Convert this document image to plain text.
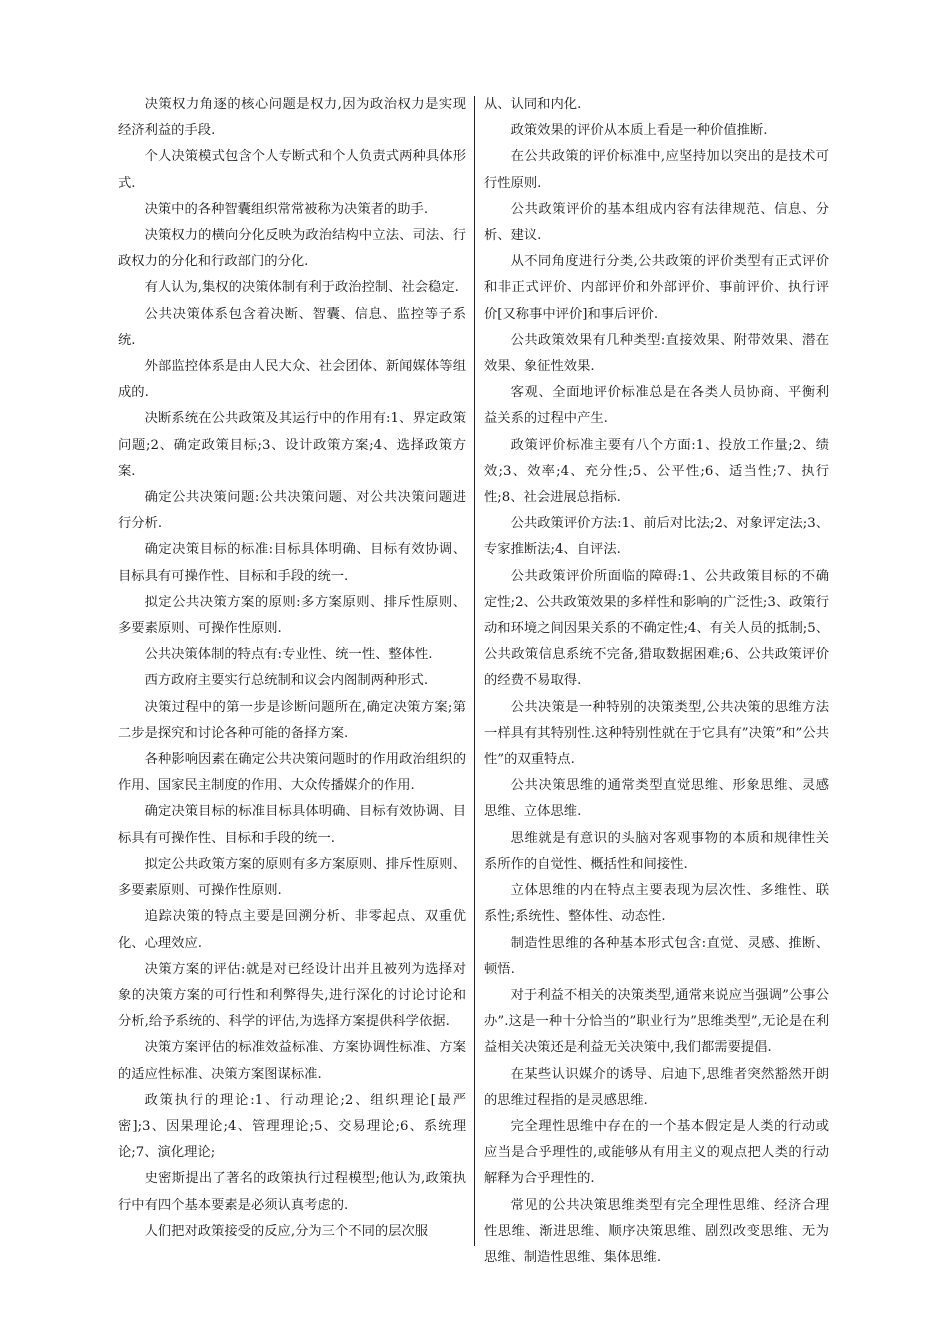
决策权力角逐的核心问题是权力,因为政治权力是实现经济利益的手段.

个人决策模式包含个人专断式和个人负责式两种具体形式.

决策中的各种智囊组织常常被称为决策者的助手.

决策权力的横向分化反映为政治结构中立法、司法、行政权力的分化和行政部门的分化.

有人认为,集权的决策体制有利于政治控制、社会稳定.

公共决策体系包含着决断、智囊、信息、监控等子系统.

外部监控体系是由人民大众、社会团体、新闻媒体等组成的.

决断系统在公共政策及其运行中的作用有:1、界定政策问题;2、确定政策目标;3、设计政策方案;4、选择政策方案.

确定公共决策问题:公共决策问题、对公共决策问题进行分析.

确定决策目标的标准:目标具体明确、目标有效协调、目标具有可操作性、目标和手段的统一.

拟定公共决策方案的原则:多方案原则、排斥性原则、多要素原则、可操作性原则.

公共决策体制的特点有:专业性、统一性、整体性.

西方政府主要实行总统制和议会内阁制两种形式.

决策过程中的第一步是诊断问题所在,确定决策方案;第二步是探究和讨论各种可能的备择方案.

各种影响因素在确定公共决策问题时的作用政治组织的作用、国家民主制度的作用、大众传播媒介的作用.

确定决策目标的标准目标具体明确、目标有效协调、目标具有可操作性、目标和手段的统一.

拟定公共政策方案的原则有多方案原则、排斥性原则、多要素原则、可操作性原则.

追踪决策的特点主要是回溯分析、非零起点、双重优化、心理效应.

决策方案的评估:就是对已经设计出并且被列为选择对象的决策方案的可行性和利弊得失,进行深化的讨论讨论和分析,给予系统的、科学的评估,为选择方案提供科学依据.

决策方案评估的标准效益标准、方案协调性标准、方案的适应性标准、决策方案图谋标准.

政策执行的理论:1、行动理论;2、组织理论[最严密];3、因果理论;4、管理理论;5、交易理论;6、系统理论;7、演化理论;

史密斯提出了著名的政策执行过程模型;他认为,政策执行中有四个基本要素是必须认真考虑的.

人们把对政策接受的反应,分为三个不同的层次服

从、认同和内化.

政策效果的评价从本质上看是一种价值推断.

在公共政策的评价标准中,应坚持加以突出的是技术可行性原则.

公共政策评价的基本组成内容有法律规范、信息、分析、建议.

从不同角度进行分类,公共政策的评价类型有正式评价和非正式评价、内部评价和外部评价、事前评价、执行评价[又称事中评价]和事后评价.

公共政策效果有几种类型:直接效果、附带效果、潜在效果、象征性效果.

客观、全面地评价标准总是在各类人员协商、平衡利益关系的过程中产生.

政策评价标准主要有八个方面:1、投放工作量;2、绩效;3、效率;4、充分性;5、公平性;6、适当性;7、执行性;8、社会进展总指标.

公共政策评价方法:1、前后对比法;2、对象评定法;3、专家推断法;4、自评法.

公共政策评价所面临的障碍:1、公共政策目标的不确定性;2、公共政策效果的多样性和影响的广泛性;3、政策行动和环境之间因果关系的不确定性;4、有关人员的抵制;5、公共政策信息系统不完备,猎取数据困难;6、公共政策评价的经费不易取得.

公共决策是一种特别的决策类型,公共决策的思维方法一样具有其特别性.这种特别性就在于它具有”决策”和”公共性”的双重特点.

公共决策思维的通常类型直觉思维、形象思维、灵感思维、立体思维.

思维就是有意识的头脑对客观事物的本质和规律性关系所作的自觉性、概括性和间接性.

立体思维的内在特点主要表现为层次性、多维性、联系性;系统性、整体性、动态性.

制造性思维的各种基本形式包含:直觉、灵感、推断、顿悟.

对于利益不相关的决策类型,通常来说应当强调”公事公办”.这是一种十分恰当的”职业行为”思维类型”,无论是在利益相关决策还是利益无关决策中,我们都需要提倡.

在某些认识媒介的诱导、启迪下,思维者突然豁然开朗的思维过程指的是灵感思维.

完全理性思维中存在的一个基本假定是人类的行动或应当是合乎理性的,或能够从有用主义的观点把人类的行动解释为合乎理性的.

常见的公共决策思维类型有完全理性思维、经济合理性思维、渐进思维、顺序决策思维、剧烈改变思维、无为思维、制造性思维、集体思维.
